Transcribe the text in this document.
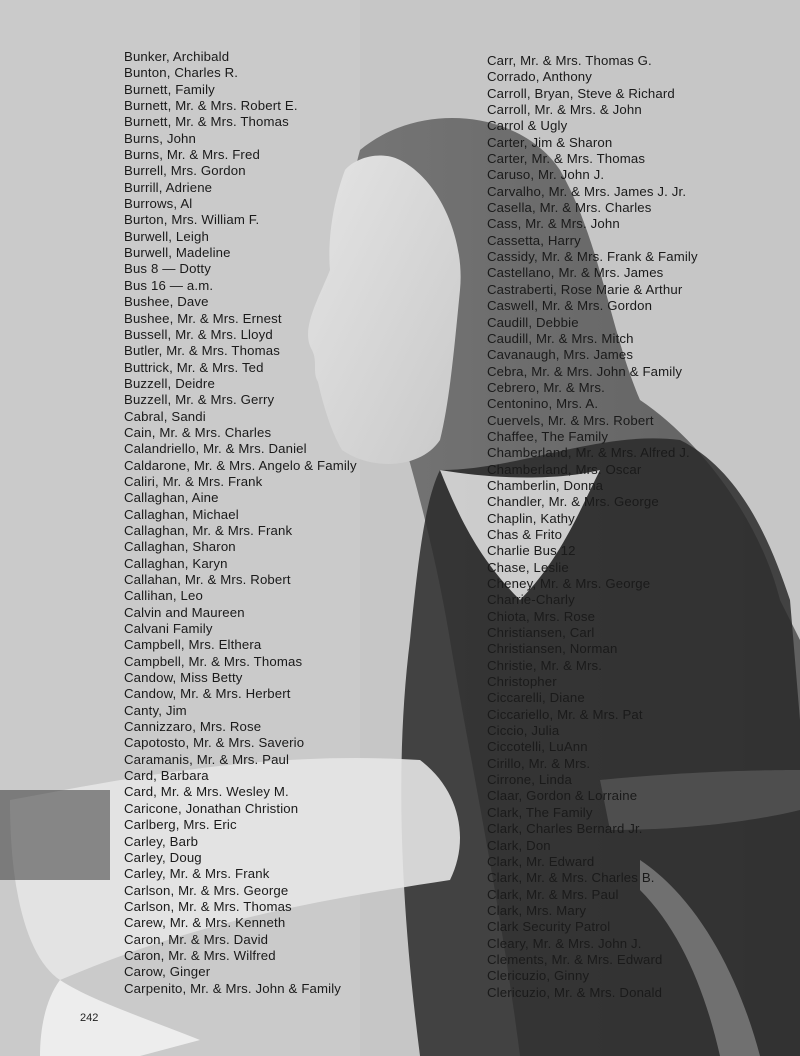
Bunker, Archibald
Bunton, Charles R.
Burnett, Family
Burnett, Mr. & Mrs. Robert E.
Burnett, Mr. & Mrs. Thomas
Burns, John
Burns, Mr. & Mrs. Fred
Burrell, Mrs. Gordon
Burrill, Adriene
Burrows, Al
Burton, Mrs. William F.
Burwell, Leigh
Burwell, Madeline
Bus 8 — Dotty
Bus 16 — a.m.
Bushee, Dave
Bushee, Mr. & Mrs. Ernest
Bussell, Mr. & Mrs. Lloyd
Butler, Mr. & Mrs. Thomas
Buttrick, Mr. & Mrs. Ted
Buzzell, Deidre
Buzzell, Mr. & Mrs. Gerry
Cabral, Sandi
Cain, Mr. & Mrs. Charles
Calandriello, Mr. & Mrs. Daniel
Caldarone, Mr. & Mrs. Angelo & Family
Caliri, Mr. & Mrs. Frank
Callaghan, Aine
Callaghan, Michael
Callaghan, Mr. & Mrs. Frank
Callaghan, Sharon
Callaghan, Karyn
Callahan, Mr. & Mrs. Robert
Callihan, Leo
Calvin and Maureen
Calvani Family
Campbell, Mrs. Elthera
Campbell, Mr. & Mrs. Thomas
Candow, Miss Betty
Candow, Mr. & Mrs. Herbert
Canty, Jim
Cannizzaro, Mrs. Rose
Capotosto, Mr. & Mrs. Saverio
Caramanis, Mr. & Mrs. Paul
Card, Barbara
Card, Mr. & Mrs. Wesley M.
Caricone, Jonathan Christion
Carlberg, Mrs. Eric
Carley, Barb
Carley, Doug
Carley, Mr. & Mrs. Frank
Carlson, Mr. & Mrs. George
Carlson, Mr. & Mrs. Thomas
Carew, Mr. & Mrs. Kenneth
Caron, Mr. & Mrs. David
Caron, Mr. & Mrs. Wilfred
Carow, Ginger
Carpenito, Mr. & Mrs. John & Family
Carr, Mr. & Mrs. Thomas G.
Corrado, Anthony
Carroll, Bryan, Steve & Richard
Carroll, Mr. & Mrs. & John
Carrol & Ugly
Carter, Jim & Sharon
Carter, Mr. & Mrs. Thomas
Caruso, Mr. John J.
Carvalho, Mr. & Mrs. James J. Jr.
Casella, Mr. & Mrs. Charles
Cass, Mr. & Mrs. John
Cassetta, Harry
Cassidy, Mr. & Mrs. Frank & Family
Castellano, Mr. & Mrs. James
Castraberti, Rose Marie & Arthur
Caswell, Mr. & Mrs. Gordon
Caudill, Debbie
Caudill, Mr. & Mrs. Mitch
Cavanaugh, Mrs. James
Cebra, Mr. & Mrs. John & Family
Cebrero, Mr. & Mrs.
Centonino, Mrs. A.
Cuervels, Mr. & Mrs. Robert
Chaffee, The Family
Chamberland, Mr. & Mrs. Alfred J.
Chamberland, Mrs. Oscar
Chamberlin, Donna
Chandler, Mr. & Mrs. George
Chaplin, Kathy
Chas & Frito
Charlie Bus 12
Chase, Leslie
Cheney, Mr. & Mrs. George
Charrie-Charly
Chiota, Mrs. Rose
Christiansen, Carl
Christiansen, Norman
Christie, Mr. & Mrs.
Christopher
Ciccarelli, Diane
Ciccariello, Mr. & Mrs. Pat
Ciccio, Julia
Ciccotelli, LuAnn
Cirillo, Mr. & Mrs.
Cirrone, Linda
Claar, Gordon & Lorraine
Clark, The Family
Clark, Charles Bernard Jr.
Clark, Don
Clark, Mr. Edward
Clark, Mr. & Mrs. Charles B.
Clark, Mr. & Mrs. Paul
Clark, Mrs. Mary
Clark Security Patrol
Cleary, Mr. & Mrs. John J.
Clements, Mr. & Mrs. Edward
Clericuzio, Ginny
Clericuzio, Mr. & Mrs. Donald
242
